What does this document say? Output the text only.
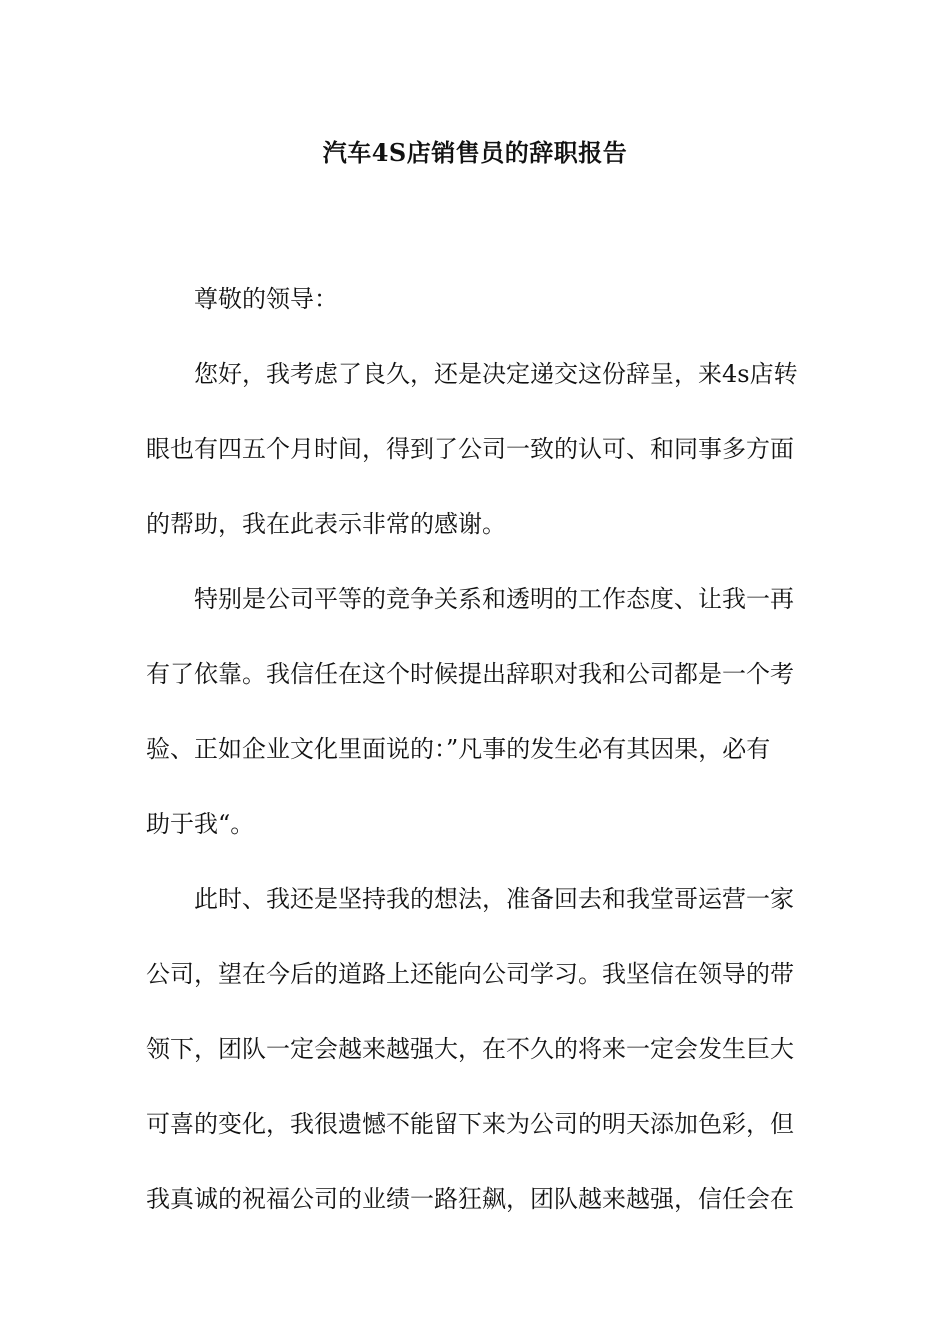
汽车4S店销售员的辞职报告
尊敬的领导：
您好，我考虑了良久，还是决定递交这份辞呈，来4s店转
眼也有四五个月时间，得到了公司一致的认可、和同事多方面
的帮助，我在此表示非常的感谢。
特别是公司平等的竞争关系和透明的工作态度、让我一再
有了依靠。我信任在这个时候提出辞职对我和公司都是一个考
验、正如企业文化里面说的：”凡事的发生必有其因果，必有
助于我“。
此时、我还是坚持我的想法，准备回去和我堂哥运营一家
公司，望在今后的道路上还能向公司学习。我坚信在领导的带
领下，团队一定会越来越强大，在不久的将来一定会发生巨大
可喜的变化，我很遗憾不能留下来为公司的明天添加色彩，但
我真诚的祝福公司的业绩一路狂飙，团队越来越强，信任会在
